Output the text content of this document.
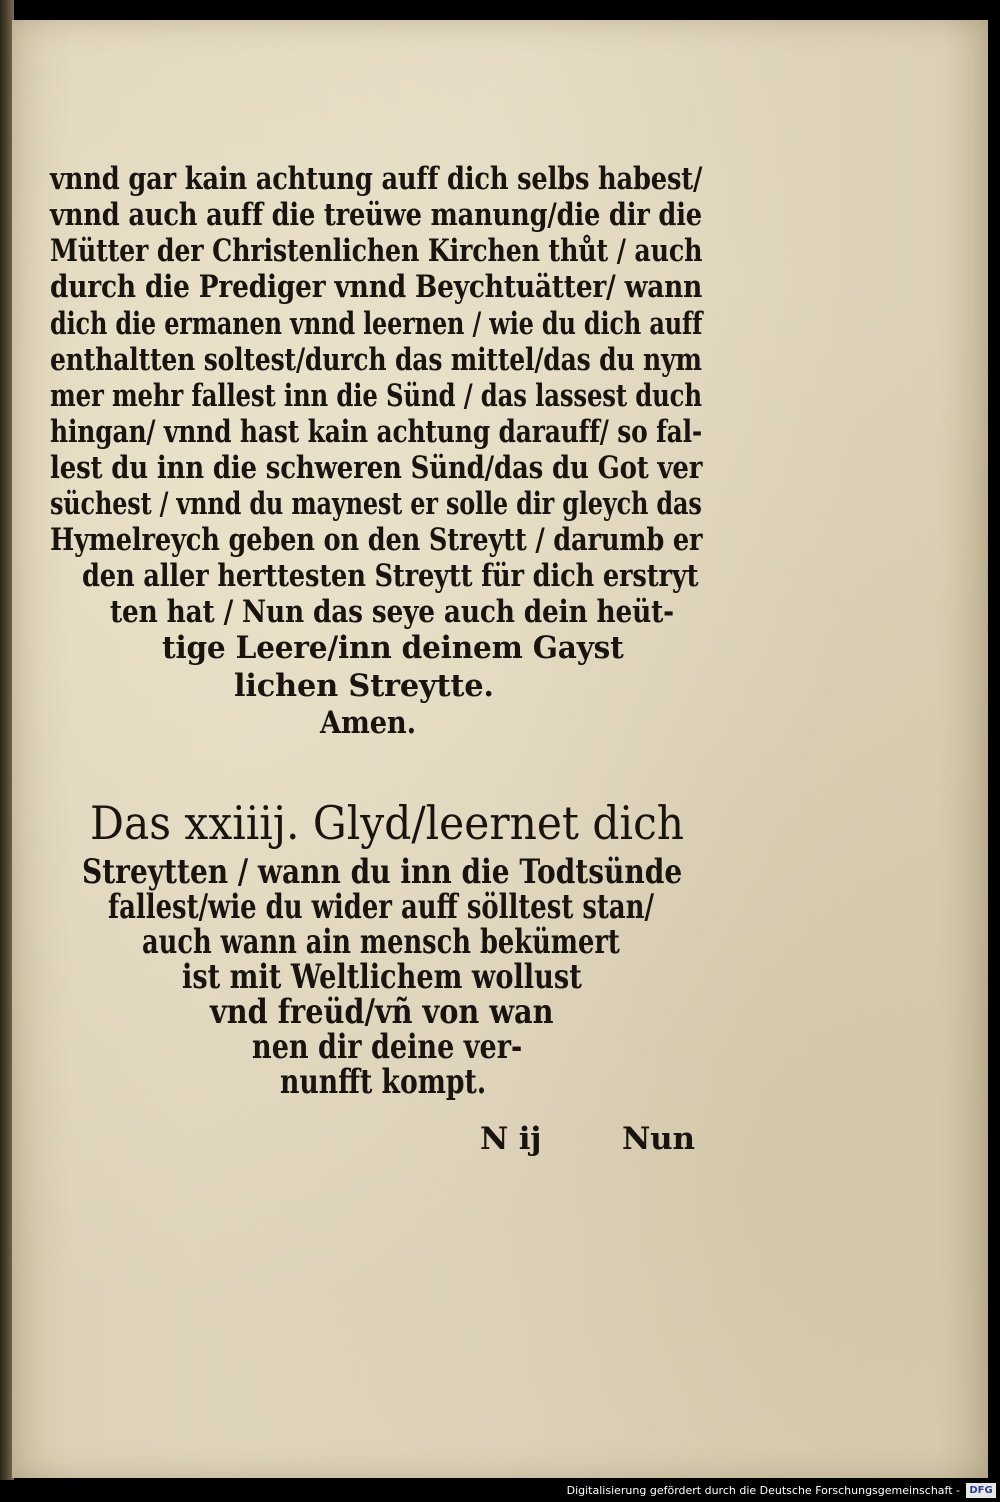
vnnd gar kain achtung auff dich selbs habest/
vnnd auch auff die treüwe manung/die dir die
Mütter der Christenlichen Kirchen thůt / auch
durch die Prediger vnnd Beychtuätter/ wann
dich die ermanen vnnd leernen / wie du dich auff
enthaltten soltest/durch das mittel/das du nym
mer mehr fallest inn die Sünd / das lassest duch
hingan/ vnnd hast kain achtung darauff/ so fal-
lest du inn die schweren Sünd/das du Got ver
süchest / vnnd du maynest er solle dir gleych das
Hymelreych geben on den Streytt / darumb er
den aller herttesten Streytt für dich erstryt
ten hat / Nun das seye auch dein heüt-
tige Leere/inn deinem Gayst
lichen Streytte.
Amen.
Das xxiiij. Glyd/leernet dich
Streytten / wann du inn die Todtsünde
fallest/wie du wider auff sölltest stan/
auch wann ain mensch bekümert
ist mit Weltlichem wollust
vnd freüd/vñ von wan
nen dir deine ver-
nunfft kompt.
N ij	Nun
Digitalisierung gefördert durch die Deutsche Forschungsgemeinschaft - DFG
